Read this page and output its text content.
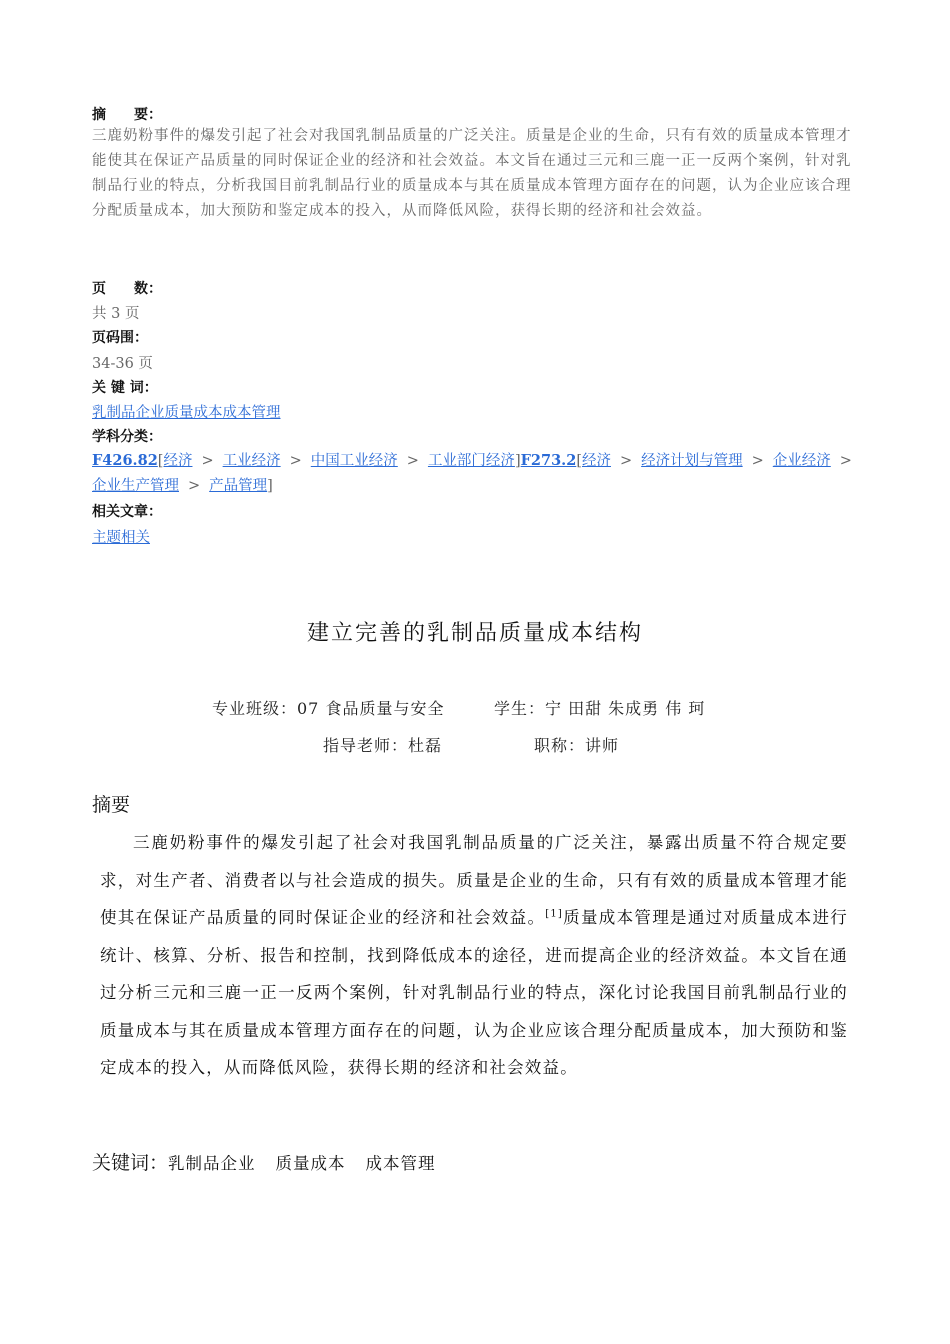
摘　　要：
三鹿奶粉事件的爆发引起了社会对我国乳制品质量的广泛关注。质量是企业的生命，只有有效的质量成本管理才能使其在保证产品质量的同时保证企业的经济和社会效益。本文旨在通过三元和三鹿一正一反两个案例，针对乳制品行业的特点，分析我国目前乳制品行业的质量成本与其在质量成本管理方面存在的问题，认为企业应该合理分配质量成本，加大预防和鉴定成本的投入，从而降低风险，获得长期的经济和社会效益。
页　　数：
共 3 页
页码围：
34-36 页
关 键 词：
乳制品企业质量成本成本管理
学科分类：
F426.82[经济 > 工业经济 > 中国工业经济 > 工业部门经济]F273.2[经济 > 经济计划与管理 > 企业经济 >企业生产管理 > 产品管理]
相关文章：
主题相关
建立完善的乳制品质量成本结构
专业班级：07 食品质量与安全	学生：宁 田甜 朱成勇 伟 珂
指导老师：杜磊	职称：讲师
摘要
三鹿奶粉事件的爆发引起了社会对我国乳制品质量的广泛关注，暴露出质量不符合规定要求，对生产者、消费者以与社会造成的损失。质量是企业的生命，只有有效的质量成本管理才能使其在保证产品质量的同时保证企业的经济和社会效益。[1]质量成本管理是通过对质量成本进行统计、核算、分析、报告和控制，找到降低成本的途径，进而提高企业的经济效益。本文旨在通过分析三元和三鹿一正一反两个案例，针对乳制品行业的特点，深化讨论我国目前乳制品行业的质量成本与其在质量成本管理方面存在的问题，认为企业应该合理分配质量成本，加大预防和鉴定成本的投入，从而降低风险，获得长期的经济和社会效益。
关键词：乳制品企业 质量成本 成本管理
